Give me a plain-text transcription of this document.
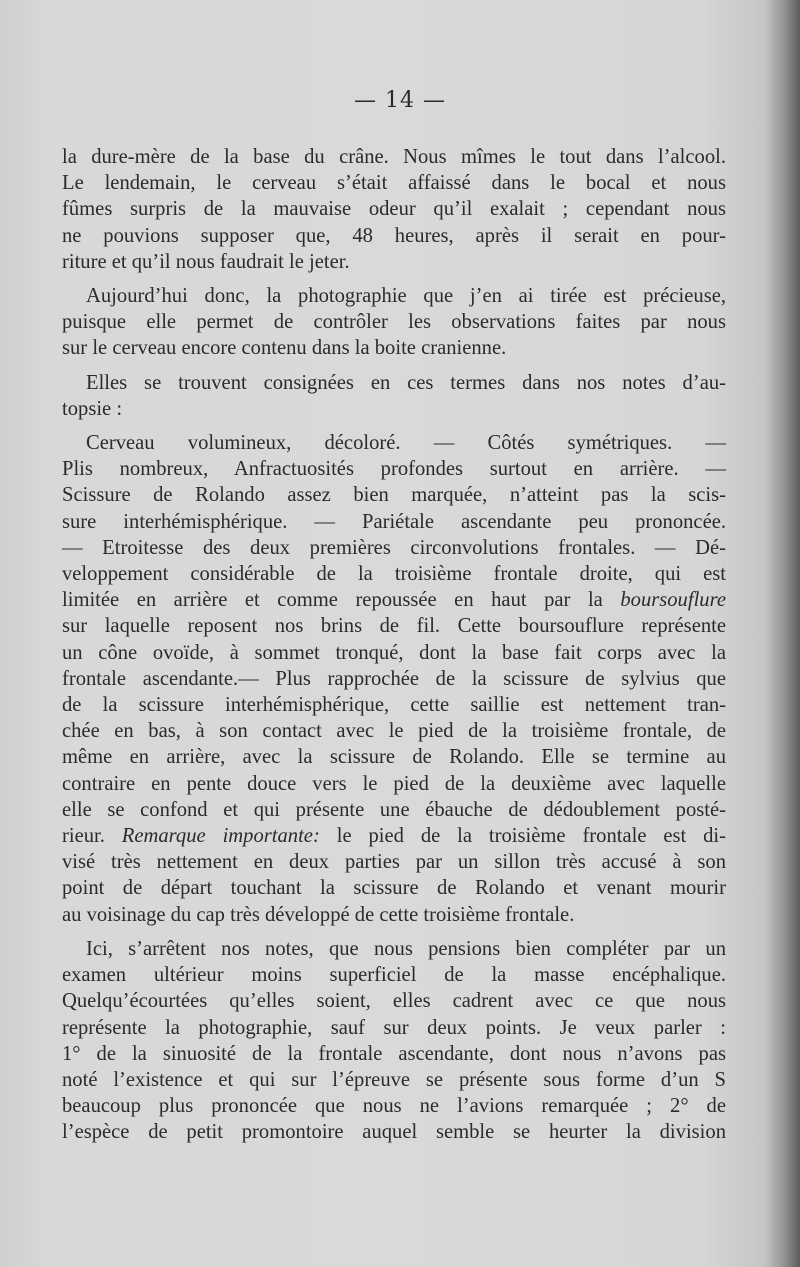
— 14 —

la dure-mère de la base du crâne. Nous mîmes le tout dans l’alcool.
Le lendemain, le cerveau s’était affaissé dans le bocal et nous
fûmes surpris de la mauvaise odeur qu’il exalait ; cependant nous
ne pouvions supposer que, 48 heures, après il serait en pour-
riture et qu’il nous faudrait le jeter.

Aujourd’hui donc, la photographie que j’en ai tirée est précieuse,
puisque elle permet de contrôler les observations faites par nous
sur le cerveau encore contenu dans la boite cranienne.

Elles se trouvent consignées en ces termes dans nos notes d’au-
topsie :

Cerveau volumineux, décoloré. — Côtés symétriques. —
Plis nombreux, Anfractuosités profondes surtout en arrière. —
Scissure de Rolando assez bien marquée, n’atteint pas la scis-
sure interhémisphérique. — Pariétale ascendante peu prononcée.
— Etroitesse des deux premières circonvolutions frontales. — Dé-
veloppement considérable de la troisième frontale droite, qui est
limitée en arrière et comme repoussée en haut par la boursouflure
sur laquelle reposent nos brins de fil. Cette boursouflure représente
un cône ovoïde, à sommet tronqué, dont la base fait corps avec la
frontale ascendante.— Plus rapprochée de la scissure de sylvius que
de la scissure interhémisphérique, cette saillie est nettement tran-
chée en bas, à son contact avec le pied de la troisième frontale, de
même en arrière, avec la scissure de Rolando. Elle se termine au
contraire en pente douce vers le pied de la deuxième avec laquelle
elle se confond et qui présente une ébauche de dédoublement posté-
rieur. Remarque importante: le pied de la troisième frontale est di-
visé très nettement en deux parties par un sillon très accusé à son
point de départ touchant la scissure de Rolando et venant mourir
au voisinage du cap très développé de cette troisième frontale.

Ici, s’arrêtent nos notes, que nous pensions bien compléter par un
examen ultérieur moins superficiel de la masse encéphalique.
Quelqu’écourtées qu’elles soient, elles cadrent avec ce que nous
représente la photographie, sauf sur deux points. Je veux parler :
1° de la sinuosité de la frontale ascendante, dont nous n’avons pas
noté l’existence et qui sur l’épreuve se présente sous forme d’un S
beaucoup plus prononcée que nous ne l’avions remarquée ; 2° de
l’espèce de petit promontoire auquel semble se heurter la division
